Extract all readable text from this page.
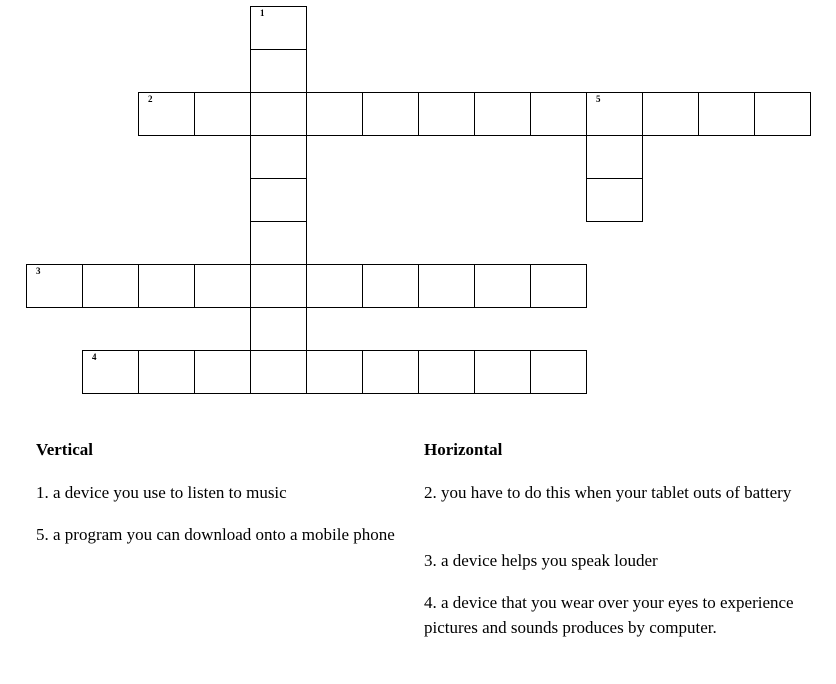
1
2	5
3
4
Vertical

1. a device you use to listen to music

5. a program you can download onto a mobile phone

Horizontal

2. you have to do this when your tablet outs of battery

3. a device helps you speak louder

4. a device that you wear over your eyes to experience pictures and sounds produces by computer.
